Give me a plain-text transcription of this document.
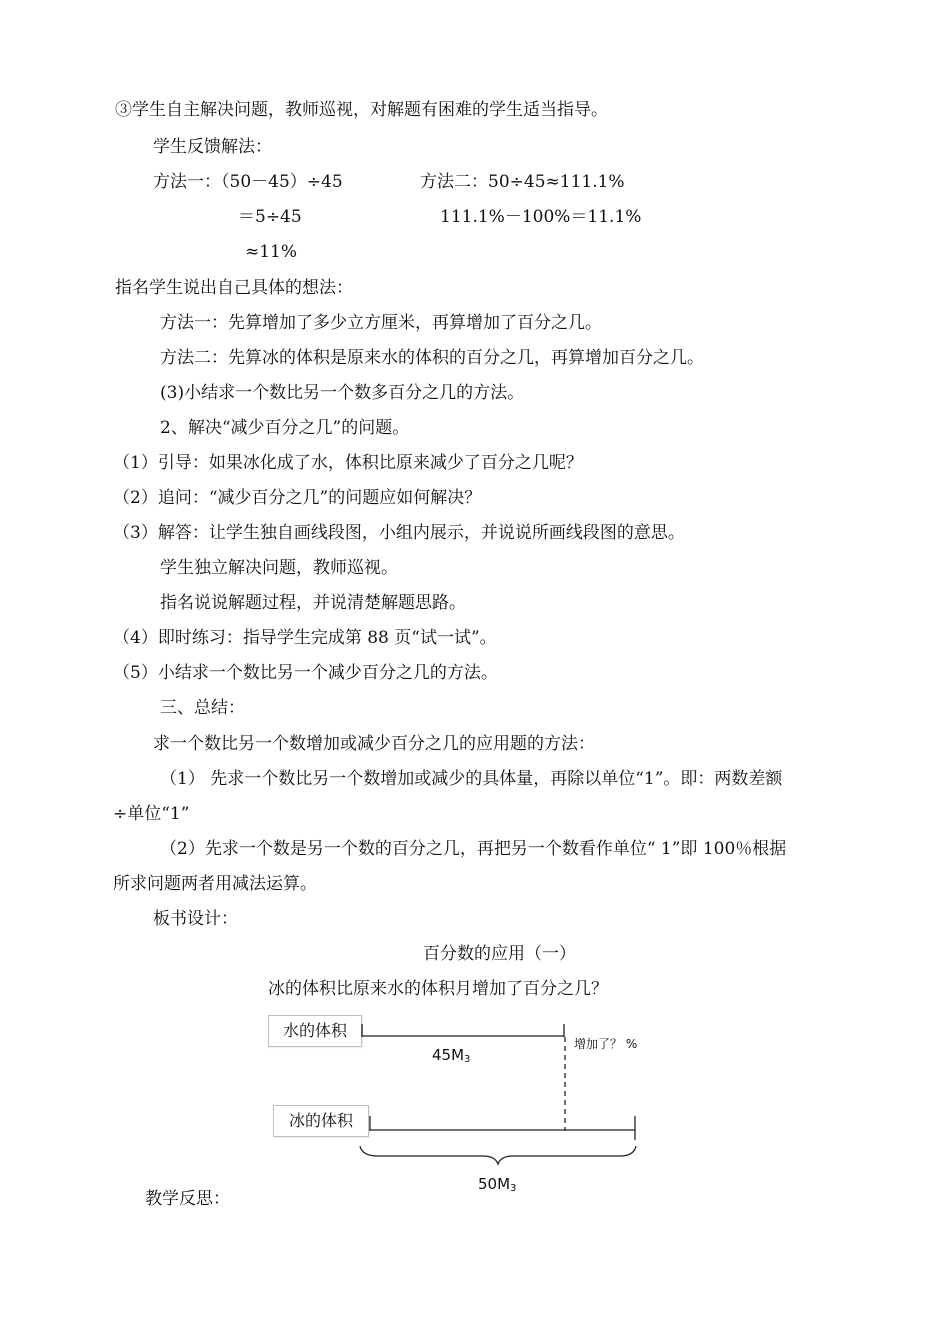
③学生自主解决问题，教师巡视，对解题有困难的学生适当指导。
学生反馈解法：
方法一：（50－45）÷45	方法二：50÷45≈111.1%
＝5÷45	111.1%－100%＝11.1%
≈11%
指名学生说出自己具体的想法：
方法一：先算增加了多少立方厘米，再算增加了百分之几。
方法二：先算冰的体积是原来水的体积的百分之几，再算增加百分之几。
(3)小结求一个数比另一个数多百分之几的方法。
2、解决“减少百分之几”的问题。
（1）引导：如果冰化成了水，体积比原来减少了百分之几呢？
（2）追问：“减少百分之几”的问题应如何解决？
（3）解答：让学生独自画线段图，小组内展示，并说说所画线段图的意思。
学生独立解决问题，教师巡视。
指名说说解题过程，并说清楚解题思路。
（4）即时练习：指导学生完成第 88 页“试一试”。
（5）小结求一个数比另一个减少百分之几的方法。
三、总结：
求一个数比另一个数增加或减少百分之几的应用题的方法：
（1） 先求一个数比另一个数增加或减少的具体量，再除以单位“1”。即：两数差额
÷单位“1”
（2）先求一个数是另一个数的百分之几，再把另一个数看作单位“ 1”即 100％根据
所求问题两者用减法运算。
板书设计：
百分数的应用（一）
冰的体积比原来水的体积月增加了百分之几？
水的体积
冰的体积
$45M_3$
增加了？ %
$50M_3$
教学反思：
